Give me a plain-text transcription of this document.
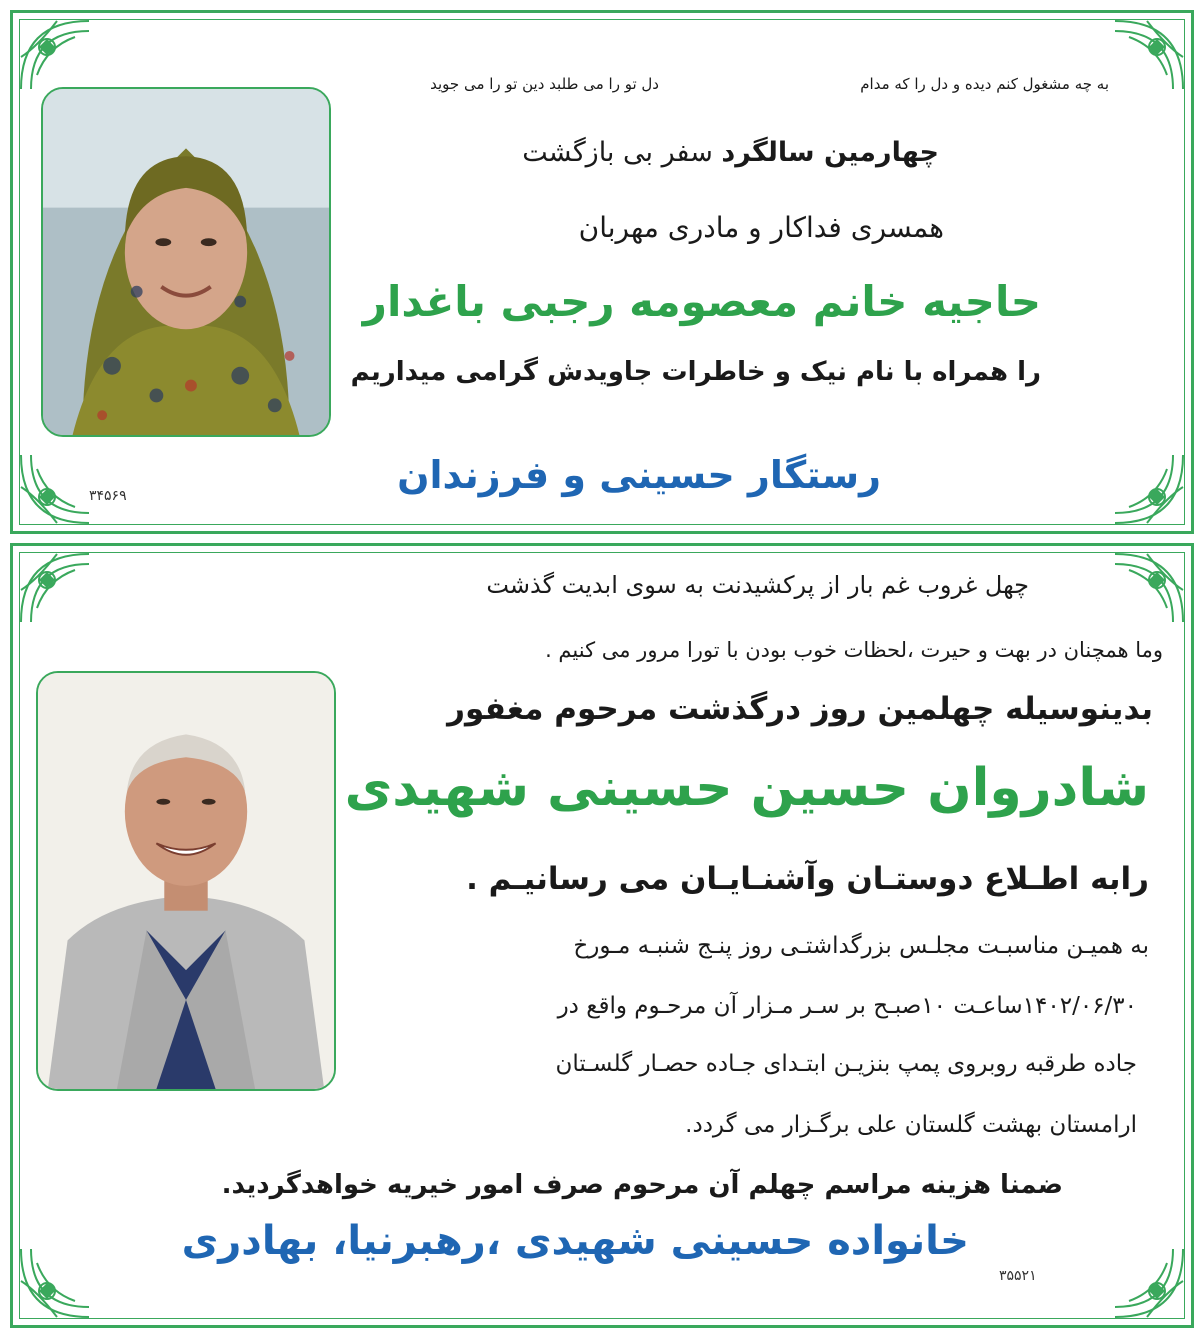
به چه مشغول کنم دیده و دل را که مدام
دل تو را می طلبد دین تو را می جوید
چهارمین سالگرد سفر بی بازگشت
همسری فداکار و مادری مهربان
حاجیه خانم معصومه رجبی باغدار
را همراه با نام نیک و خاطرات جاویدش گرامی میداریم
رستگار حسینی و فرزندان
۳۴۵۶۹
چهل غروب غم بار از پرکشیدنت به سوی ابدیت گذشت
وما همچنان در بهت و حیرت ،لحظات خوب بودن با تورا مرور می کنیم .
بدینوسیله چهلمین روز درگذشت مرحوم مغفور
شادروان حسین حسینی شهیدی
رابه اطـلاع دوستـان وآشنـایـان می رسانیـم .
به همیـن مناسبـت مجلـس بزرگداشتـی روز پنـج شنبـه مـورخ
۱۴۰۲/۰۶/۳۰ساعـت ۱۰صبـح بر سـر مـزار آن مرحـوم واقع در
جاده طرقبه روبروی پمپ بنزیـن ابتـدای جـاده حصـار گلسـتان
ارامستان بهشت گلستان علی برگـزار می گردد.
ضمنا هزینه مراسم چهلم آن مرحوم صرف امور خیریه خواهدگردید.
خانواده حسینی شهیدی ،رهبرنیا، بهادری
۳۵۵۲۱
